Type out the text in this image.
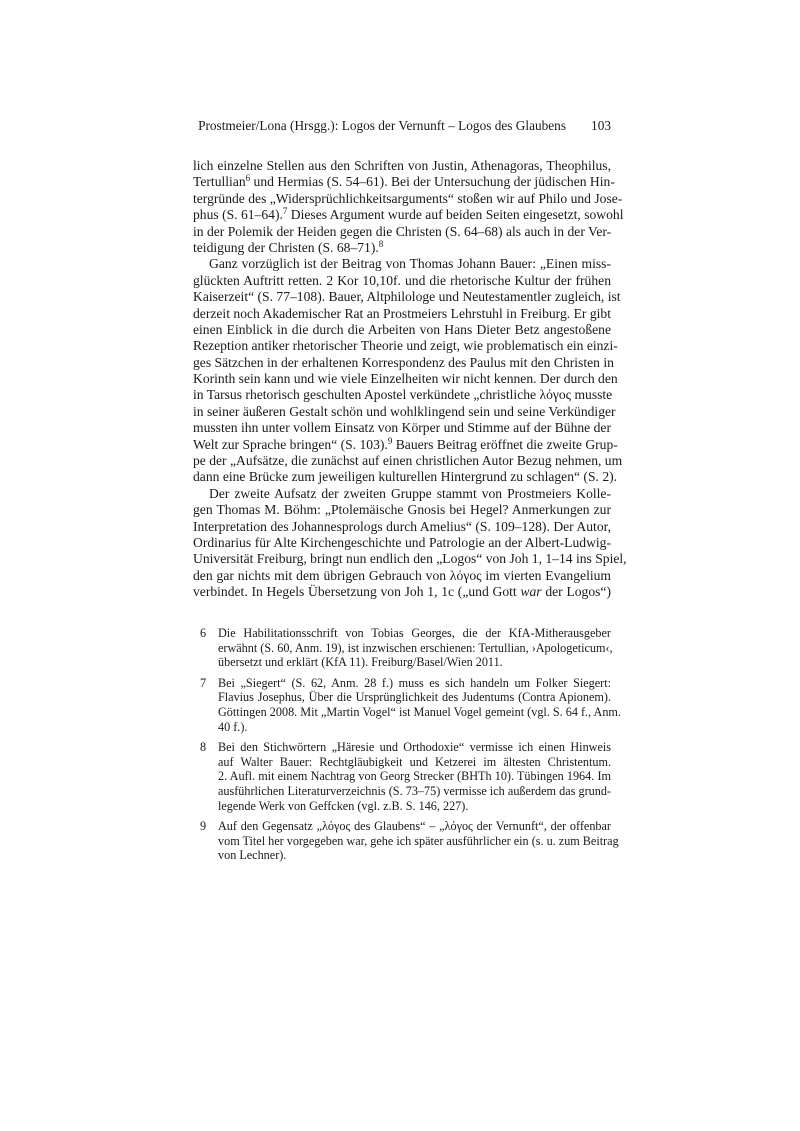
Prostmeier/Lona (Hrsgg.): Logos der Vernunft – Logos des Glaubens 103
lich einzelne Stellen aus den Schriften von Justin, Athenagoras, Theophilus,
Tertullian$^6$ und Hermias (S. 54–61). Bei der Untersuchung der jüdischen Hin-
tergründe des „Widersprüchlichkeitsarguments“ stoßen wir auf Philo und Jose-
phus (S. 61–64).$^7$ Dieses Argument wurde auf beiden Seiten eingesetzt, sowohl
in der Polemik der Heiden gegen die Christen (S. 64–68) als auch in der Ver-
teidigung der Christen (S. 68–71).$^8$
Ganz vorzüglich ist der Beitrag von Thomas Johann Bauer: „Einen miss-
glückten Auftritt retten. 2 Kor 10,10f. und die rhetorische Kultur der frühen
Kaiserzeit“ (S. 77–108). Bauer, Altphilologe und Neutestamentler zugleich, ist
derzeit noch Akademischer Rat an Prostmeiers Lehrstuhl in Freiburg. Er gibt
einen Einblick in die durch die Arbeiten von Hans Dieter Betz angestoßene
Rezeption antiker rhetorischer Theorie und zeigt, wie problematisch ein einzi-
ges Sätzchen in der erhaltenen Korrespondenz des Paulus mit den Christen in
Korinth sein kann und wie viele Einzelheiten wir nicht kennen. Der durch den
in Tarsus rhetorisch geschulten Apostel verkündete „christliche λόγος musste
in seiner äußeren Gestalt schön und wohlklingend sein und seine Verkündiger
mussten ihn unter vollem Einsatz von Körper und Stimme auf der Bühne der
Welt zur Sprache bringen“ (S. 103).$^9$ Bauers Beitrag eröffnet die zweite Grup-
pe der „Aufsätze, die zunächst auf einen christlichen Autor Bezug nehmen, um
dann eine Brücke zum jeweiligen kulturellen Hintergrund zu schlagen“ (S. 2).
Der zweite Aufsatz der zweiten Gruppe stammt von Prostmeiers Kolle-
gen Thomas M. Böhm: „Ptolemäische Gnosis bei Hegel? Anmerkungen zur
Interpretation des Johannesprologs durch Amelius“ (S. 109–128). Der Autor,
Ordinarius für Alte Kirchengeschichte und Patrologie an der Albert-Ludwig-
Universität Freiburg, bringt nun endlich den „Logos“ von Joh 1, 1–14 ins Spiel,
den gar nichts mit dem übrigen Gebrauch von λόγος im vierten Evangelium
verbindet. In Hegels Übersetzung von Joh 1, 1c („und Gott war der Logos“)
6 Die Habilitationsschrift von Tobias Georges, die der KfA-Mitherausgeber
erwähnt (S. 60, Anm. 19), ist inzwischen erschienen: Tertullian, ›Apologeticum‹,
übersetzt und erklärt (KfA 11). Freiburg/Basel/Wien 2011.
7 Bei „Siegert“ (S. 62, Anm. 28 f.) muss es sich handeln um Folker Siegert:
Flavius Josephus, Über die Ursprünglichkeit des Judentums (Contra Apionem).
Göttingen 2008. Mit „Martin Vogel“ ist Manuel Vogel gemeint (vgl. S. 64 f., Anm.
40 f.).
8 Bei den Stichwörtern „Häresie und Orthodoxie“ vermisse ich einen Hinweis
auf Walter Bauer: Rechtgläubigkeit und Ketzerei im ältesten Christentum.
2. Aufl. mit einem Nachtrag von Georg Strecker (BHTh 10). Tübingen 1964. Im
ausführlichen Literaturverzeichnis (S. 73–75) vermisse ich außerdem das grund-
legende Werk von Geffcken (vgl. z.B. S. 146, 227).
9 Auf den Gegensatz „λόγος des Glaubens“ – „λόγος der Vernunft“, der offenbar
vom Titel her vorgegeben war, gehe ich später ausführlicher ein (s. u. zum Beitrag
von Lechner).
